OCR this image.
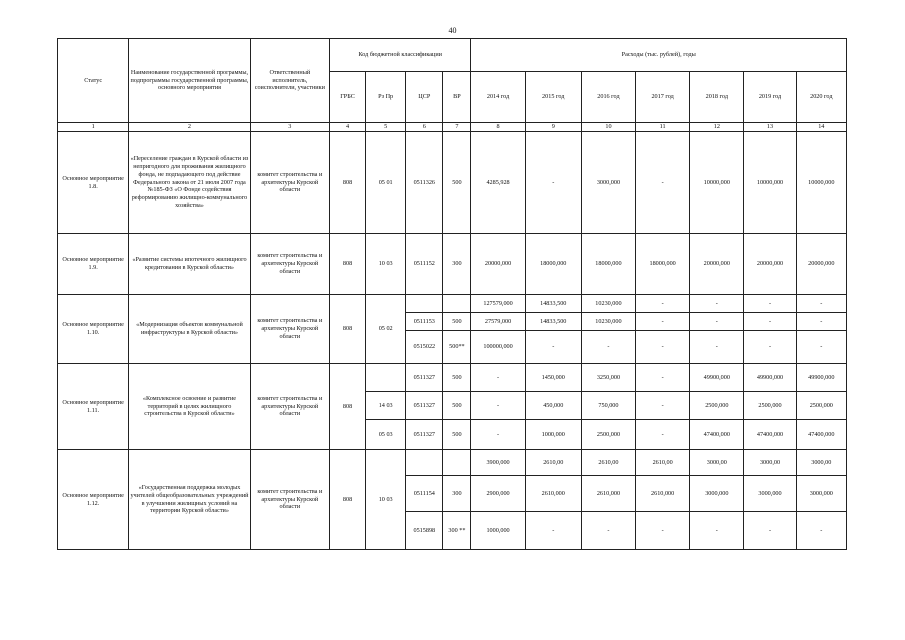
40
Статус	Наименование государственной программы, подпрограммы государственной программы, основного мероприятия	Ответственный исполнитель, соисполнители, участники	Код бюджетной классификации				Расходы (тыс. рублей), годы						
			ГРБС	Рз Пр	ЦСР	ВР	2014 год	2015 год	2016 год	2017 год	2018 год	2019 год	2020 год
1	2	3	4	5	6	7	8	9	10	11	12	13	14
Основное мероприятие 1.8.	«Переселение граждан в Курской области из непригодного для проживания жилищного фонда, не подпадающего под действие Федерального закона от 21 июля 2007 года №185-ФЗ «О Фонде содействия реформированию жилищно-коммунального хозяйства»	комитет строительства и архитектуры Курской области	808	05 01	0511326	500	4285,928	-	3000,000	-	10000,000	10000,000	10000,000
Основное мероприятие 1.9.	«Развитие системы ипотечного жилищного кредитования в Курской области»	комитет строительства и архитектуры Курской области	808	10 03	0511152	300	20000,000	18000,000	18000,000	18000,000	20000,000	20000,000	20000,000
Основное мероприятие 1.10.	«Модернизация объектов коммунальной инфраструктуры в Курской области»	комитет строительства и архитектуры Курской области	808	05 02			127579,000	14833,500	10230,000	-	-	-	-
					0511153	500	27579,000	14833,500	10230,000	-	-	-	-
					0515022	500**	100000,000	-	-	-	-	-	-
Основное мероприятие 1.11.	«Комплексное освоение и развитие территорий в целях жилищного строительства в Курской области»	комитет строительства и архитектуры Курской области	808		0511327	500	-	1450,000	3250,000	-	49900,000	49900,000	49900,000
				14 03	0511327	500	-	450,000	750,000	-	2500,000	2500,000	2500,000
				05 03	0511327	500	-	1000,000	2500,000	-	47400,000	47400,000	47400,000
Основное мероприятие 1.12.	«Государственная поддержка молодых учителей общеобразовательных учреждений в улучшении жилищных условий на территории Курской области»	комитет строительства и архитектуры Курской области	808	10 03			3900,000	2610,00	2610,00	2610,00	3000,00	3000,00	3000,00
					0511154	300	2900,000	2610,000	2610,000	2610,000	3000,000	3000,000	3000,000
					0515898	300 **	1000,000	-	-	-	-	-	-
